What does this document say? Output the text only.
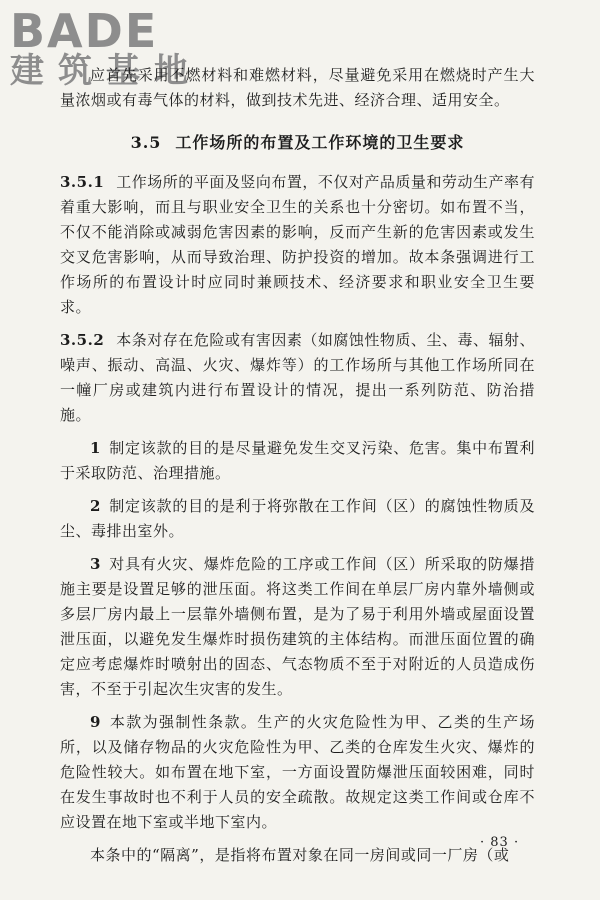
BADE
建筑基地

应首先采用不燃材料和难燃材料，尽量避免采用在燃烧时产生大量浓烟或有毒气体的材料，做到技术先进、经济合理、适用安全。

3.5 工作场所的布置及工作环境的卫生要求

3.5.1 工作场所的平面及竖向布置，不仅对产品质量和劳动生产率有着重大影响，而且与职业安全卫生的关系也十分密切。如布置不当，不仅不能消除或减弱危害因素的影响，反而产生新的危害因素或发生交叉危害影响，从而导致治理、防护投资的增加。故本条强调进行工作场所的布置设计时应同时兼顾技术、经济要求和职业安全卫生要求。

3.5.2 本条对存在危险或有害因素（如腐蚀性物质、尘、毒、辐射、噪声、振动、高温、火灾、爆炸等）的工作场所与其他工作场所同在一幢厂房或建筑内进行布置设计的情况，提出一系列防范、防治措施。

1 制定该款的目的是尽量避免发生交叉污染、危害。集中布置利于采取防范、治理措施。

2 制定该款的目的是利于将弥散在工作间（区）的腐蚀性物质及尘、毒排出室外。

3 对具有火灾、爆炸危险的工序或工作间（区）所采取的防爆措施主要是设置足够的泄压面。将这类工作间在单层厂房内靠外墙侧或多层厂房内最上一层靠外墙侧布置，是为了易于利用外墙或屋面设置泄压面，以避免发生爆炸时损伤建筑的主体结构。而泄压面位置的确定应考虑爆炸时喷射出的固态、气态物质不至于对附近的人员造成伤害，不至于引起次生灾害的发生。

9 本款为强制性条款。生产的火灾危险性为甲、乙类的生产场所，以及储存物品的火灾危险性为甲、乙类的仓库发生火灾、爆炸的危险性较大。如布置在地下室，一方面设置防爆泄压面较困难，同时在发生事故时也不利于人员的安全疏散。故规定这类工作间或仓库不应设置在地下室或半地下室内。

本条中的“隔离”，是指将布置对象在同一房间或同一厂房（或

· 83 ·
